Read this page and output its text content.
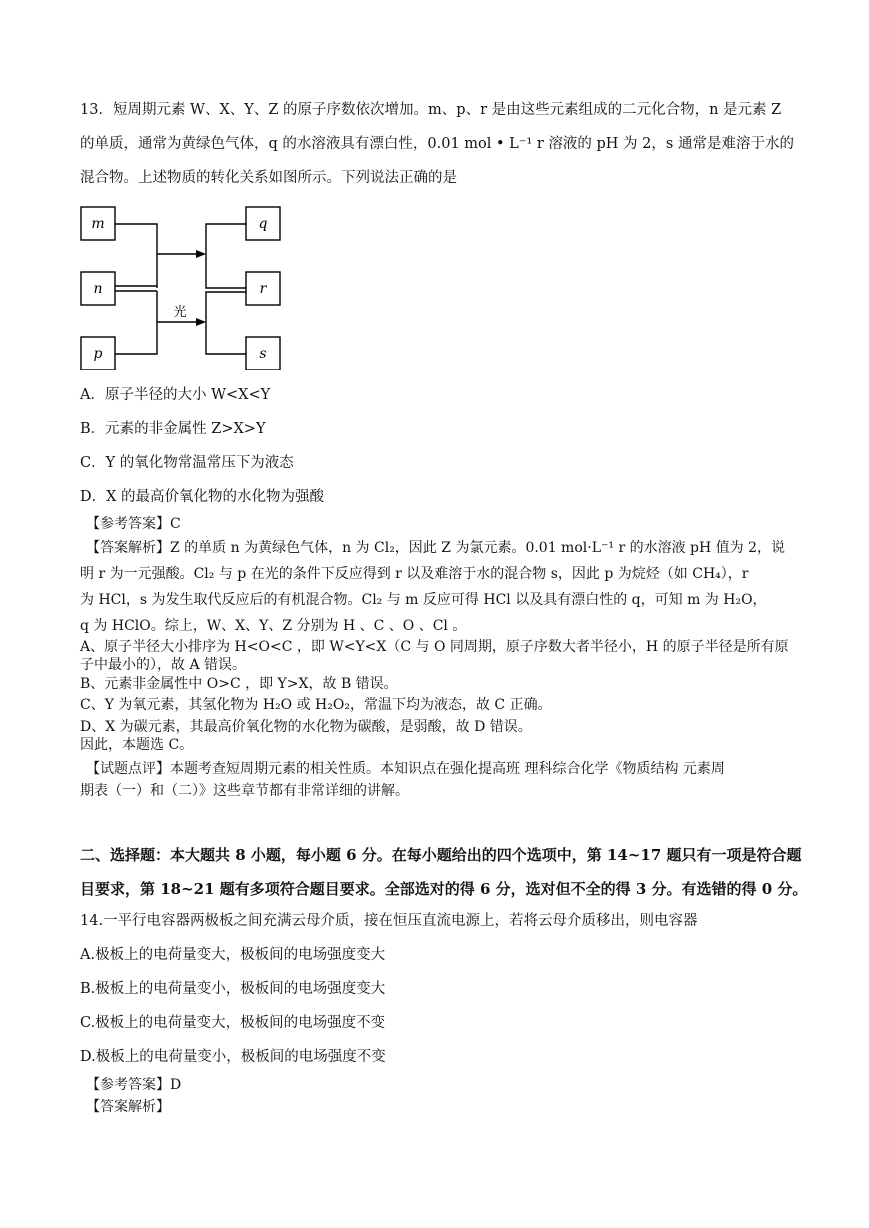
13．短周期元素 W、X、Y、Z 的原子序数依次增加。m、p、r 是由这些元素组成的二元化合物，n 是元素 Z
的单质，通常为黄绿色气体，q 的水溶液具有漂白性，0.01 mol • L⁻¹ r 溶液的 pH 为 2，s 通常是难溶于水的
混合物。上述物质的转化关系如图所示。下列说法正确的是
m
n
p
q
r
s
光
A．原子半径的大小 W<X<Y
B．元素的非金属性 Z>X>Y
C．Y 的氧化物常温常压下为液态
D．X 的最高价氧化物的水化物为强酸
【参考答案】C
【答案解析】Z 的单质 n 为黄绿色气体，n 为 Cl₂，因此 Z 为氯元素。0.01 mol·L⁻¹ r 的水溶液 pH 值为 2，说
明 r 为一元强酸。Cl₂ 与 p 在光的条件下反应得到 r 以及难溶于水的混合物 s，因此 p 为烷烃（如 CH₄），r
为 HCl，s 为发生取代反应后的有机混合物。Cl₂ 与 m 反应可得 HCl 以及具有漂白性的 q，可知 m 为 H₂O，
q 为 HClO。综上，W、X、Y、Z 分别为 H 、C 、O 、Cl 。
A、原子半径大小排序为 H<O<C ，即 W<Y<X（C 与 O 同周期，原子序数大者半径小，H 的原子半径是所有原
子中最小的），故 A 错误。
B、元素非金属性中 O>C ，即 Y>X，故 B 错误。
C、Y 为氧元素，其氢化物为 H₂O 或 H₂O₂，常温下均为液态，故 C 正确。
D、X 为碳元素，其最高价氧化物的水化物为碳酸，是弱酸，故 D 错误。
因此，本题选 C。
【试题点评】本题考查短周期元素的相关性质。本知识点在强化提高班 理科综合化学《物质结构 元素周
期表（一）和（二）》这些章节都有非常详细的讲解。
二、选择题：本大题共 8 小题，每小题 6 分。在每小题给出的四个选项中，第 14~17 题只有一项是符合题
目要求，第 18~21 题有多项符合题目要求。全部选对的得 6 分，选对但不全的得 3 分。有选错的得 0 分。
14.一平行电容器两极板之间充满云母介质，接在恒压直流电源上，若将云母介质移出，则电容器
A.极板上的电荷量变大，极板间的电场强度变大
B.极板上的电荷量变小，极板间的电场强度变大
C.极板上的电荷量变大，极板间的电场强度不变
D.极板上的电荷量变小，极板间的电场强度不变
【参考答案】D
【答案解析】
